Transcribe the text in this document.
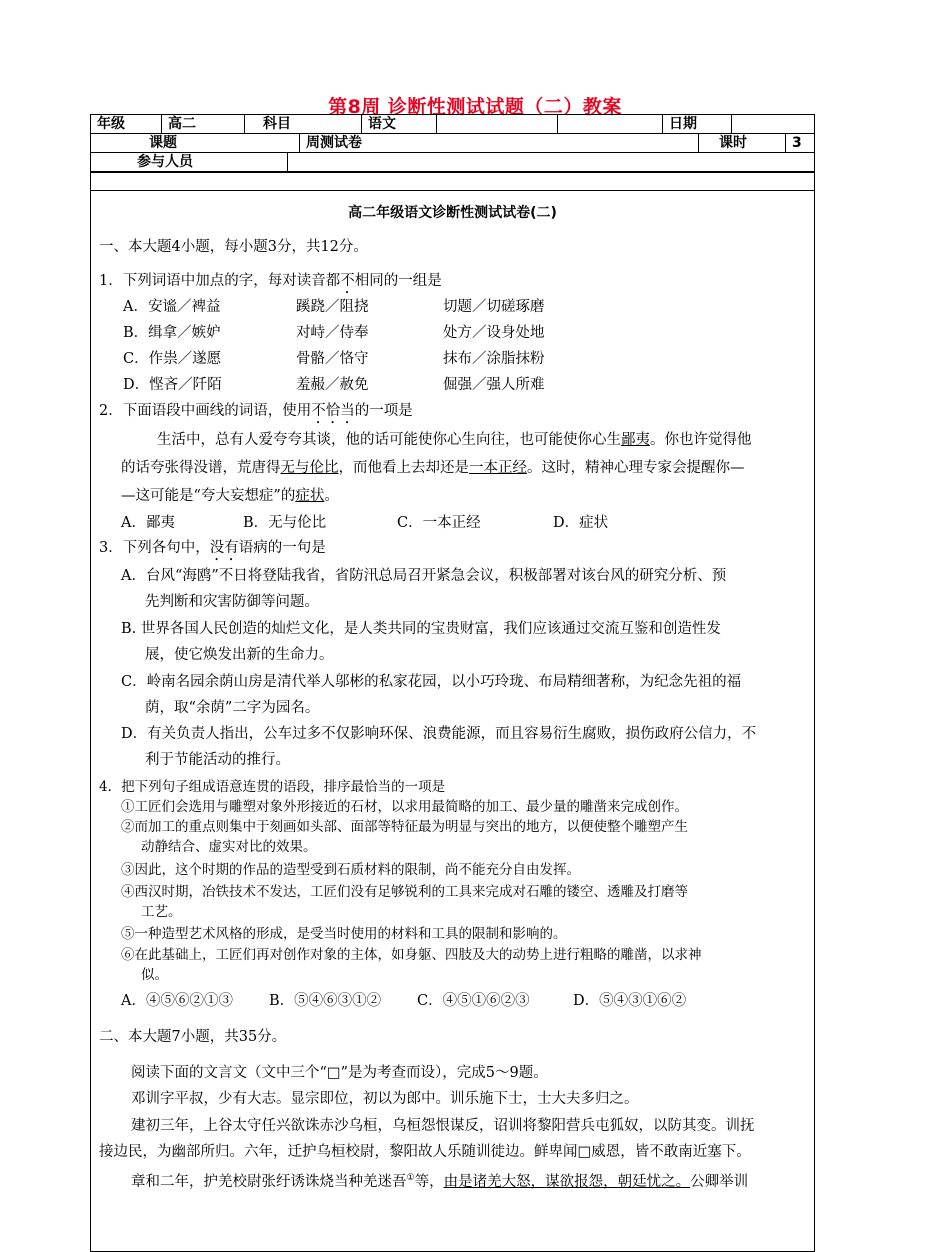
第8周 诊断性测试试题（二）教案
年级	高二	科目	语文			日期	
课题	周测试卷	课时	3
参与人员	
高二年级语文诊断性测试试卷(二)
一、本大题4小题，每小题3分，共12分。
1．下列词语中加点的字，每对读音都不相同的一组是
A．安谧／裨益	蹊跷／阻挠	切题／切磋琢磨
B．缉拿／嫉妒	对峙／侍奉	处方／设身处地
C．作祟／遂愿	骨骼／恪守	抹布／涂脂抹粉
D．悭吝／阡陌	羞赧／赦免	倔强／强人所难
2．下面语段中画线的词语，使用不恰当的一项是
生活中，总有人爱夸夸其谈，他的话可能使你心生向往，也可能使你心生鄙夷。你也许觉得他
的话夸张得没谱，荒唐得无与伦比，而他看上去却还是一本正经。这时，精神心理专家会提醒你—
—这可能是“夸大妄想症”的症状。
A．鄙夷	B．无与伦比	C．一本正经	D．症状
3．下列各句中，没有语病的一句是
A．台风“海鸥”不日将登陆我省，省防汛总局召开紧急会议，积极部署对该台风的研究分析、预
先判断和灾害防御等问题。
B. 世界各国人民创造的灿烂文化，是人类共同的宝贵财富，我们应该通过交流互鉴和创造性发
展，使它焕发出新的生命力。
C．岭南名园余荫山房是清代举人邬彬的私家花园，以小巧玲珑、布局精细著称，为纪念先祖的福
荫，取“余荫”二字为园名。
D．有关负责人指出，公车过多不仅影响环保、浪费能源，而且容易衍生腐败，损伤政府公信力，不
利于节能活动的推行。
4．把下列句子组成语意连贯的语段，排序最恰当的一项是
①工匠们会选用与雕塑对象外形接近的石材，以求用最简略的加工、最少量的雕凿来完成创作。
②而加工的重点则集中于刻画如头部、面部等特征最为明显与突出的地方，以便使整个雕塑产生
动静结合、虚实对比的效果。
③因此，这个时期的作品的造型受到石质材料的限制，尚不能充分自由发挥。
④西汉时期，冶铁技术不发达，工匠们没有足够锐利的工具来完成对石雕的镂空、透雕及打磨等
工艺。
⑤一种造型艺术风格的形成，是受当时使用的材料和工具的限制和影响的。
⑥在此基础上，工匠们再对创作对象的主体，如身躯、四肢及大的动势上进行粗略的雕凿，以求神
似。
A．④⑤⑥②①③ B．⑤④⑥③①② C．④⑤①⑥②③	D．⑤④③①⑥②
二、本大题7小题，共35分。
阅读下面的文言文（文中三个“□”是为考查而设），完成5～9题。
邓训字平叔，少有大志。显宗即位，初以为郎中。训乐施下士，士大夫多归之。
建初三年，上谷太守任兴欲诛赤沙乌桓，乌桓怨恨谋反，诏训将黎阳营兵屯狐奴，以防其变。训抚
接边民，为幽部所归。六年，迁护乌桓校尉，黎阳故人乐随训徙边。鲜卑闻□威恩，皆不敢南近塞下。
章和二年，护羌校尉张纡诱诛烧当种羌迷吾①等，由是诸羌大怒，谋欲报怨，朝廷忧之。公卿举训
